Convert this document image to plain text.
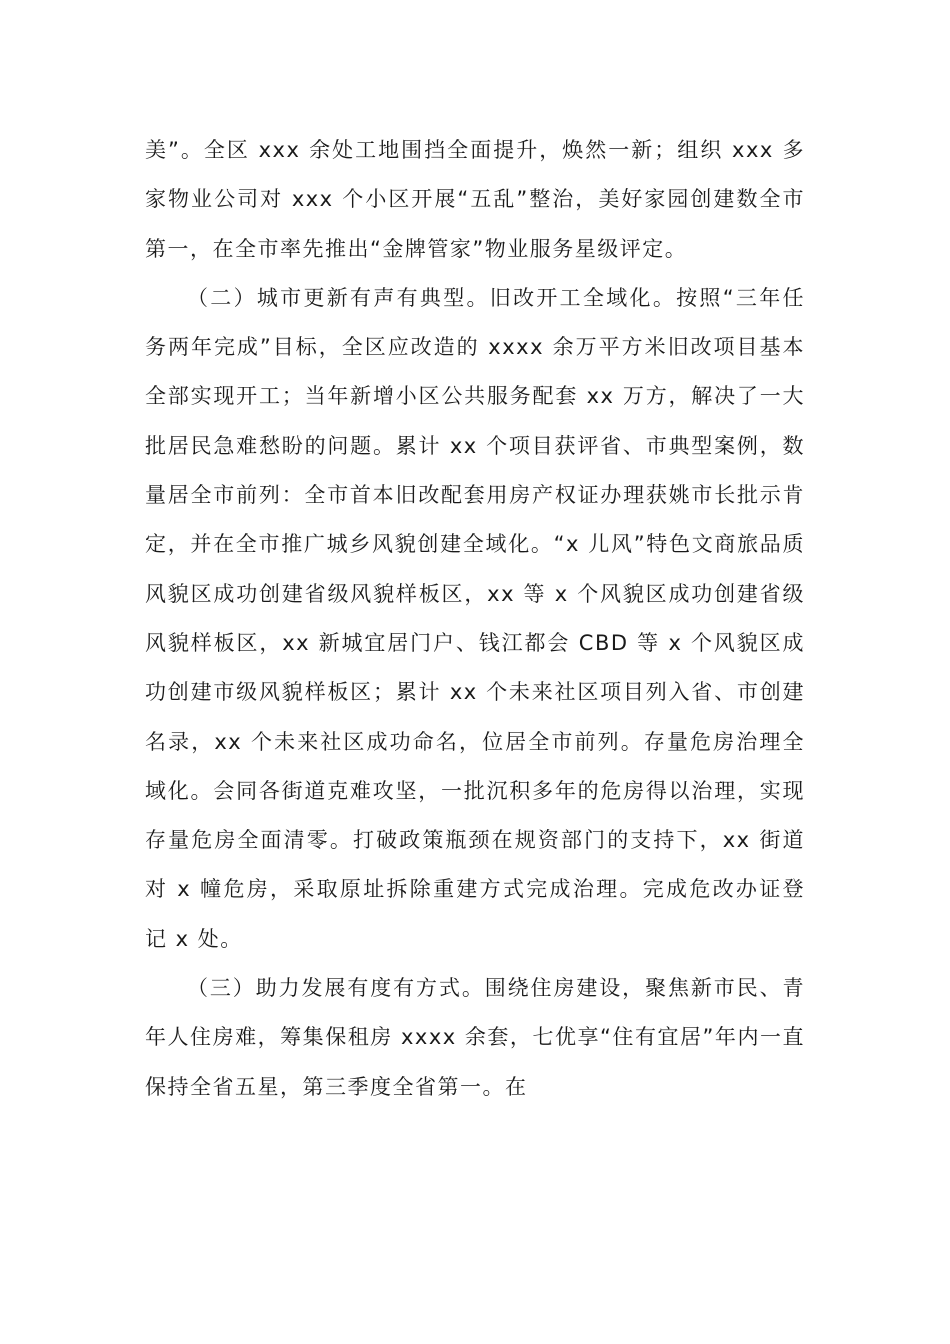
美”。全区 xxx 余处工地围挡全面提升，焕然一新；组织 xxx 多家物业公司对 xxx 个小区开展“五乱”整治，美好家园创建数全市第一，在全市率先推出“金牌管家”物业服务星级评定。

（二）城市更新有声有典型。旧改开工全域化。按照“三年任务两年完成”目标，全区应改造的 xxxx 余万平方米旧改项目基本全部实现开工；当年新增小区公共服务配套 xx 万方，解决了一大批居民急难愁盼的问题。累计 xx 个项目获评省、市典型案例，数量居全市前列：全市首本旧改配套用房产权证办理获姚市长批示肯定，并在全市推广城乡风貌创建全域化。“x 儿风”特色文商旅品质风貌区成功创建省级风貌样板区，xx 等 x 个风貌区成功创建省级风貌样板区，xx 新城宜居门户、钱江都会 CBD 等 x 个风貌区成功创建市级风貌样板区；累计 xx 个未来社区项目列入省、市创建名录，xx 个未来社区成功命名，位居全市前列。存量危房治理全域化。会同各街道克难攻坚，一批沉积多年的危房得以治理，实现存量危房全面清零。打破政策瓶颈在规资部门的支持下，xx 街道对 x 幢危房，采取原址拆除重建方式完成治理。完成危改办证登记 x 处。

（三）助力发展有度有方式。围绕住房建设，聚焦新市民、青年人住房难，筹集保租房 xxxx 余套，七优享“住有宜居”年内一直保持全省五星，第三季度全省第一。在
